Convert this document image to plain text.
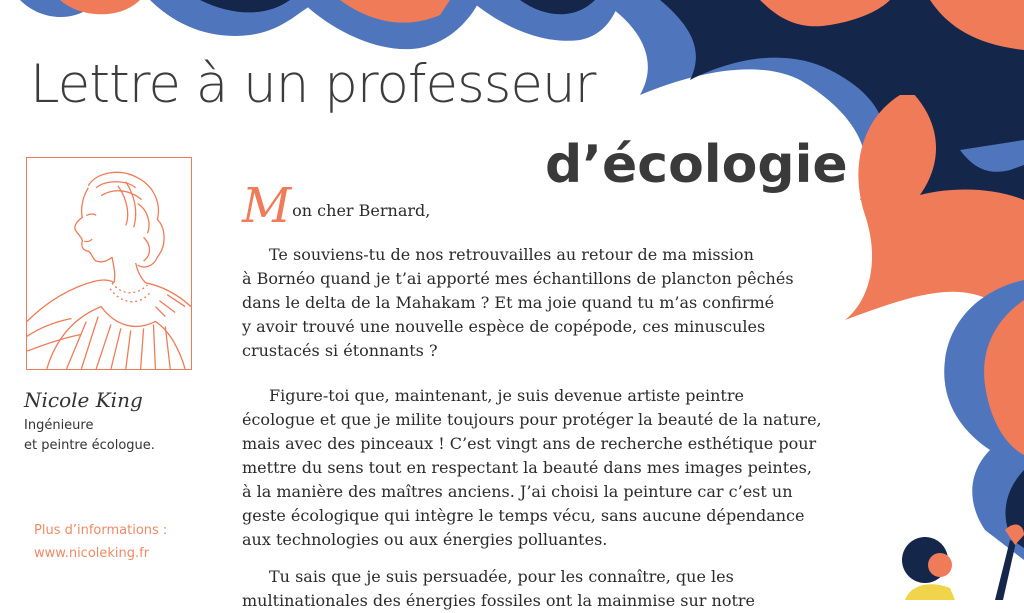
Lettre à un professeur
d’écologie
Nicole King
Ingénieure
et peintre écologue.
Plus d’informations :
www.nicoleking.fr
Mon cher Bernard,

Te souviens-tu de nos retrouvailles au retour de ma mission
à Bornéo quand je t’ai apporté mes échantillons de plancton pêchés
dans le delta de la Mahakam ? Et ma joie quand tu m’as confirmé
y avoir trouvé une nouvelle espèce de copépode, ces minuscules
crustacés si étonnants ?

Figure-toi que, maintenant, je suis devenue artiste peintre
écologue et que je milite toujours pour protéger la beauté de la nature,
mais avec des pinceaux ! C’est vingt ans de recherche esthétique pour
mettre du sens tout en respectant la beauté dans mes images peintes,
à la manière des maîtres anciens. J’ai choisi la peinture car c’est un
geste écologique qui intègre le temps vécu, sans aucune dépendance
aux technologies ou aux énergies polluantes.

Tu sais que je suis persuadée, pour les connaître, que les
multinationales des énergies fossiles ont la mainmise sur notre
